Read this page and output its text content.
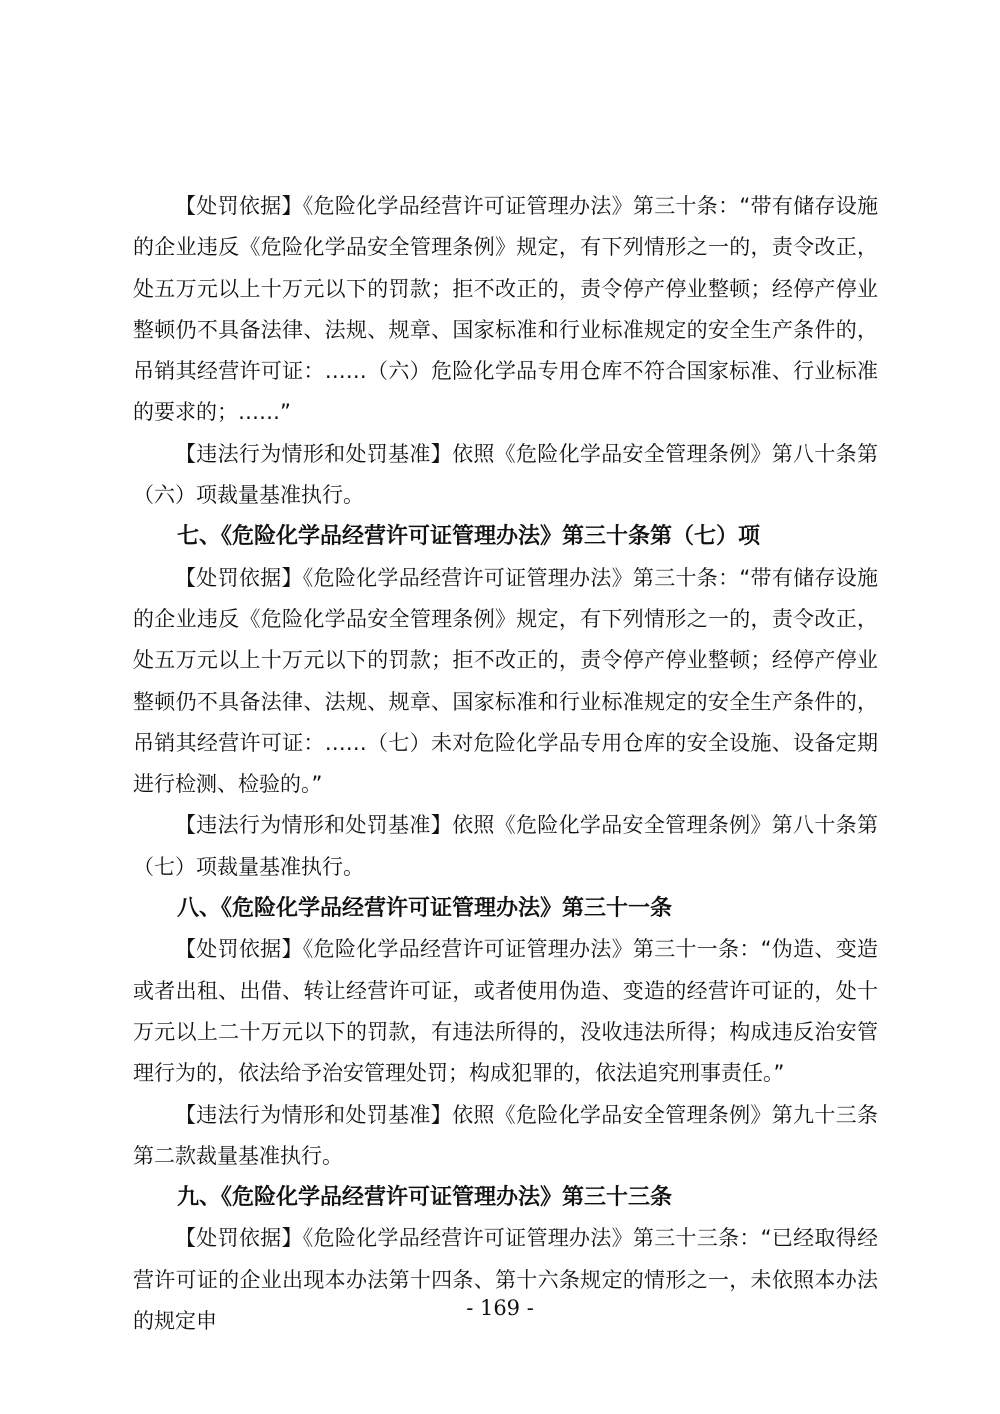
【处罚依据】《危险化学品经营许可证管理办法》第三十条：“带有储存设施的企业违反《危险化学品安全管理条例》规定，有下列情形之一的，责令改正，处五万元以上十万元以下的罚款；拒不改正的，责令停产停业整顿；经停产停业整顿仍不具备法律、法规、规章、国家标准和行业标准规定的安全生产条件的，吊销其经营许可证：……（六）危险化学品专用仓库不符合国家标准、行业标准的要求的；……”

【违法行为情形和处罚基准】依照《危险化学品安全管理条例》第八十条第（六）项裁量基准执行。

七、《危险化学品经营许可证管理办法》第三十条第（七）项

【处罚依据】《危险化学品经营许可证管理办法》第三十条：“带有储存设施的企业违反《危险化学品安全管理条例》规定，有下列情形之一的，责令改正，处五万元以上十万元以下的罚款；拒不改正的，责令停产停业整顿；经停产停业整顿仍不具备法律、法规、规章、国家标准和行业标准规定的安全生产条件的，吊销其经营许可证：……（七）未对危险化学品专用仓库的安全设施、设备定期进行检测、检验的。”

【违法行为情形和处罚基准】依照《危险化学品安全管理条例》第八十条第（七）项裁量基准执行。

八、《危险化学品经营许可证管理办法》第三十一条

【处罚依据】《危险化学品经营许可证管理办法》第三十一条：“伪造、变造或者出租、出借、转让经营许可证，或者使用伪造、变造的经营许可证的，处十万元以上二十万元以下的罚款，有违法所得的，没收违法所得；构成违反治安管理行为的，依法给予治安管理处罚；构成犯罪的，依法追究刑事责任。”

【违法行为情形和处罚基准】依照《危险化学品安全管理条例》第九十三条第二款裁量基准执行。

九、《危险化学品经营许可证管理办法》第三十三条

【处罚依据】《危险化学品经营许可证管理办法》第三十三条：“已经取得经营许可证的企业出现本办法第十四条、第十六条规定的情形之一，未依照本办法的规定申

- 169 -
